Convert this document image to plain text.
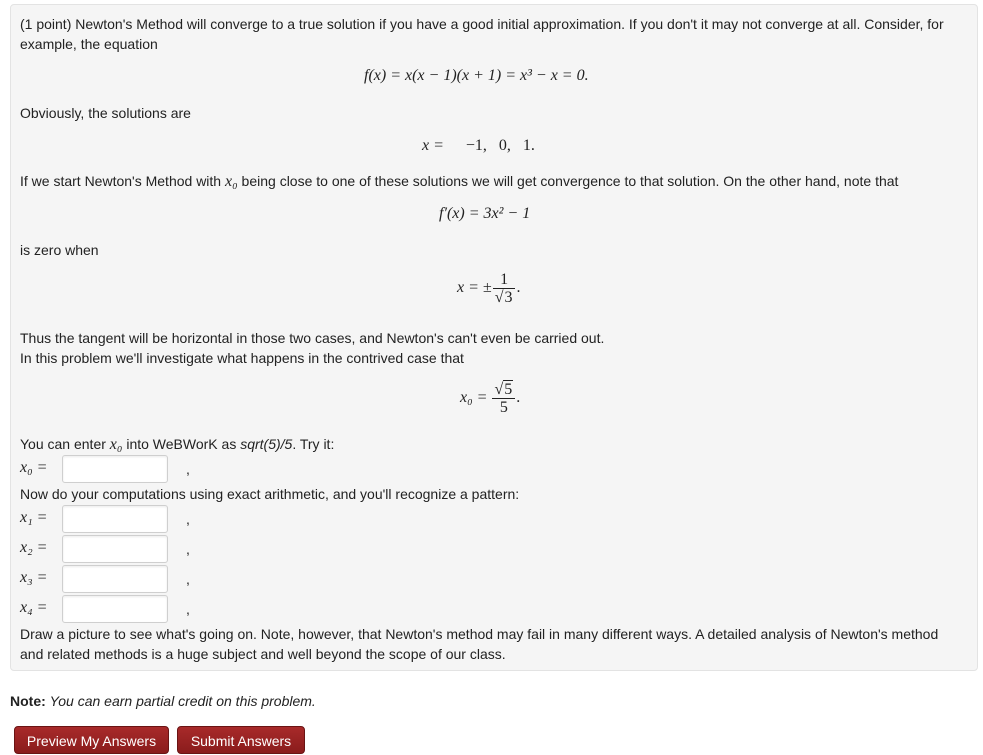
(1 point) Newton's Method will converge to a true solution if you have a good initial approximation. If you don't it may not converge at all. Consider, for
example, the equation
f(x) = x(x − 1)(x + 1) = x³ − x = 0.
Obviously, the solutions are
x = −1,   0,   1.
If we start Newton's Method with x₀ being close to one of these solutions we will get convergence to that solution. On the other hand, note that
f′(x) = 3x² − 1
is zero when
x = ± $\frac{1}{√3}$ .
Thus the tangent will be horizontal in those two cases, and Newton's can't even be carried out.
In this problem we'll investigate what happens in the contrived case that
$x_0 = \frac{√5}{5}$ .
You can enter x₀ into WeBWorK as sqrt(5)/5. Try it:
x₀ =	,
Now do your computations using exact arithmetic, and you'll recognize a pattern:
x₁ =	,
x₂ =	,
x₃ =	,
x₄ =	,
Draw a picture to see what's going on. Note, however, that Newton's method may fail in many different ways. A detailed analysis of Newton's method
and related methods is a huge subject and well beyond the scope of our class.
Note: You can earn partial credit on this problem.
Preview My Answers	Submit Answers
